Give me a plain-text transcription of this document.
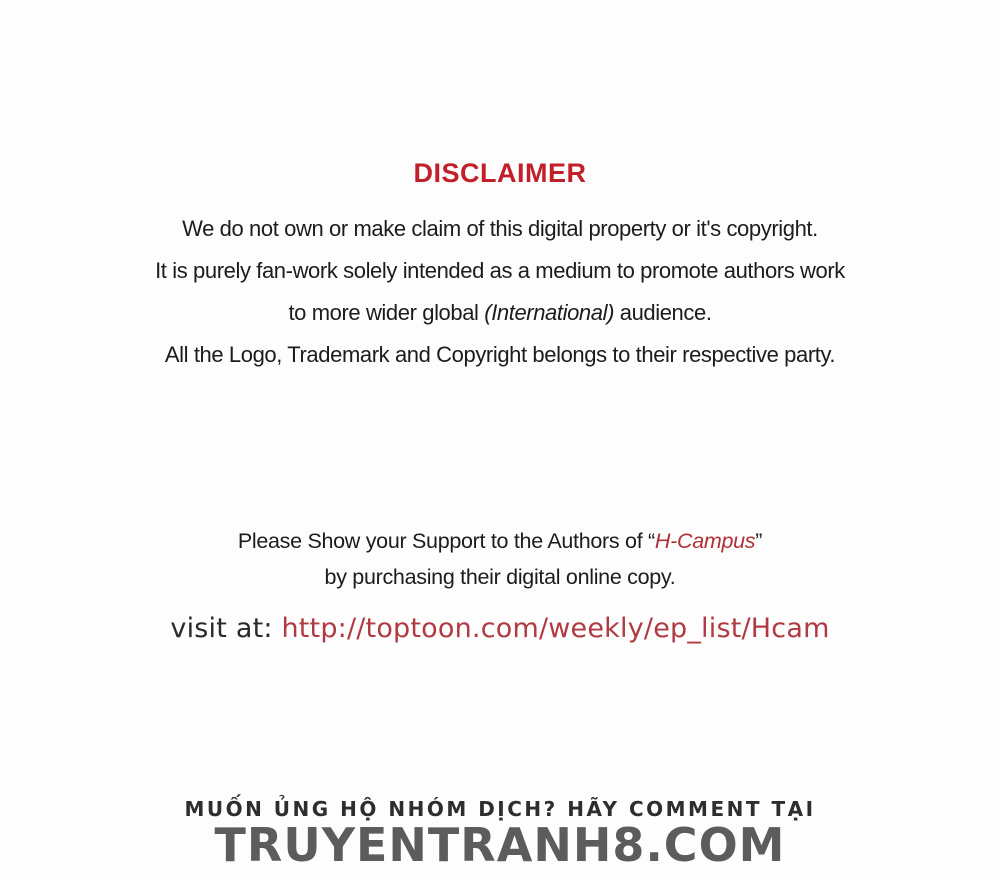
DISCLAIMER
We do not own or make claim of this digital property or it's copyright.
It is purely fan-work solely intended as a medium to promote authors work
to more wider global (International) audience.
All the Logo, Trademark and Copyright belongs to their respective party.
Please Show your Support to the Authors of “H-Campus”
by purchasing their digital online copy.
visit at: http://toptoon.com/weekly/ep_list/Hcam
MUỐN ỦNG HỘ NHÓM DỊCH? HÃY COMMENT TẠI
TRUYENTRANH8.COM
